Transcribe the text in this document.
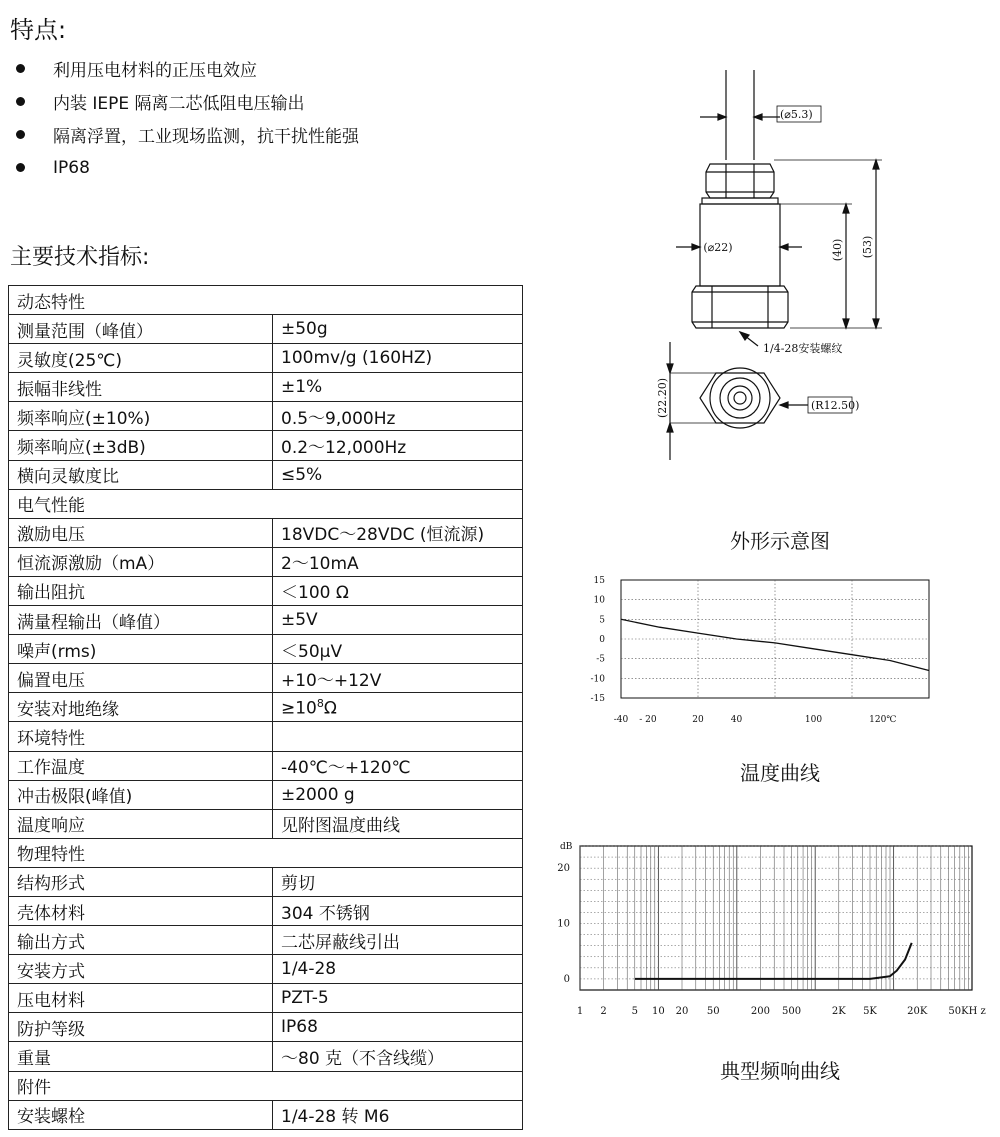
特点:
利用压电材料的正压电效应
内装 IEPE 隔离二芯低阻电压输出
隔离浮置，工业现场监测，抗干扰性能强
IP68
主要技术指标:
动态特性	
测量范围（峰值）	±50g
灵敏度(25℃)	100mv/g (160HZ)
振幅非线性	±1%
频率响应(±10%)	0.5～9,000Hz
频率响应(±3dB)	0.2～12,000Hz
横向灵敏度比	≤5%
电气性能	
激励电压	18VDC～28VDC (恒流源)
恒流源激励（mA）	2～10mA
输出阻抗	＜100 Ω
满量程输出（峰值）	±5V
噪声(rms)	＜50μV
偏置电压	+10～+12V
安装对地绝缘	$\ge 10^8\Omega$
环境特性	
工作温度	-40℃～+120℃
冲击极限(峰值)	±2000 g
温度响应	见附图温度曲线
物理特性	
结构形式	剪切
壳体材料	304 不锈钢
输出方式	二芯屏蔽线引出
安装方式	1/4-28
压电材料	PZT-5
防护等级	IP68
重量	～80 克（不含线缆）
附件	
安装螺栓	1/4-28 转 M6
(⌀5.3)
(⌀22)	(40) (53)
1/4-28安装螺纹
(22.20)	(R12.50)
外形示意图
15
10
5
0
-5
-10
-15
-40 - 20	20	40	100	120℃
温度曲线
dB
20
10
0
1 2 5 10 20 50	200 500	2K 5K	20K 50KH z
典型频响曲线
